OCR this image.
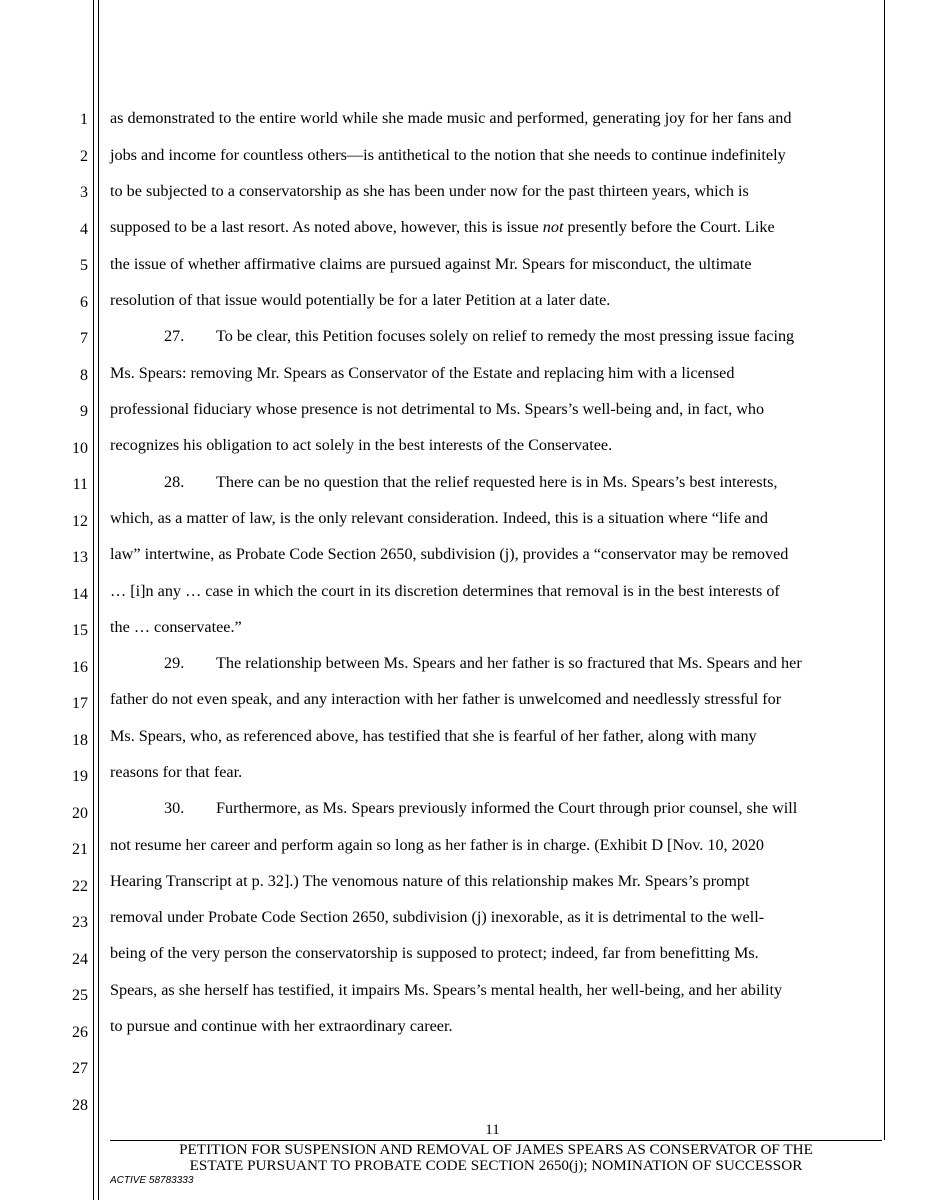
1
2
3
4
5
6
7
8
9
10
11
12
13
14
15
16
17
18
19
20
21
22
23
24
25
26
27
28
as demonstrated to the entire world while she made music and performed, generating joy for her fans and
jobs and income for countless others—is antithetical to the notion that she needs to continue indefinitely
to be subjected to a conservatorship as she has been under now for the past thirteen years, which is
supposed to be a last resort. As noted above, however, this is issue not presently before the Court. Like
the issue of whether affirmative claims are pursued against Mr. Spears for misconduct, the ultimate
resolution of that issue would potentially be for a later Petition at a later date.
27. To be clear, this Petition focuses solely on relief to remedy the most pressing issue facing
Ms. Spears: removing Mr. Spears as Conservator of the Estate and replacing him with a licensed
professional fiduciary whose presence is not detrimental to Ms. Spears’s well-being and, in fact, who
recognizes his obligation to act solely in the best interests of the Conservatee.
28. There can be no question that the relief requested here is in Ms. Spears’s best interests,
which, as a matter of law, is the only relevant consideration. Indeed, this is a situation where “life and
law” intertwine, as Probate Code Section 2650, subdivision (j), provides a “conservator may be removed
… [i]n any … case in which the court in its discretion determines that removal is in the best interests of
the … conservatee.”
29. The relationship between Ms. Spears and her father is so fractured that Ms. Spears and her
father do not even speak, and any interaction with her father is unwelcomed and needlessly stressful for
Ms. Spears, who, as referenced above, has testified that she is fearful of her father, along with many
reasons for that fear.
30. Furthermore, as Ms. Spears previously informed the Court through prior counsel, she will
not resume her career and perform again so long as her father is in charge. (Exhibit D [Nov. 10, 2020
Hearing Transcript at p. 32].) The venomous nature of this relationship makes Mr. Spears’s prompt
removal under Probate Code Section 2650, subdivision (j) inexorable, as it is detrimental to the well-
being of the very person the conservatorship is supposed to protect; indeed, far from benefitting Ms.
Spears, as she herself has testified, it impairs Ms. Spears’s mental health, her well-being, and her ability
to pursue and continue with her extraordinary career.
11
PETITION FOR SUSPENSION AND REMOVAL OF JAMES SPEARS AS CONSERVATOR OF THE
ESTATE PURSUANT TO PROBATE CODE SECTION 2650(j); NOMINATION OF SUCCESSOR
ACTIVE 58783333
